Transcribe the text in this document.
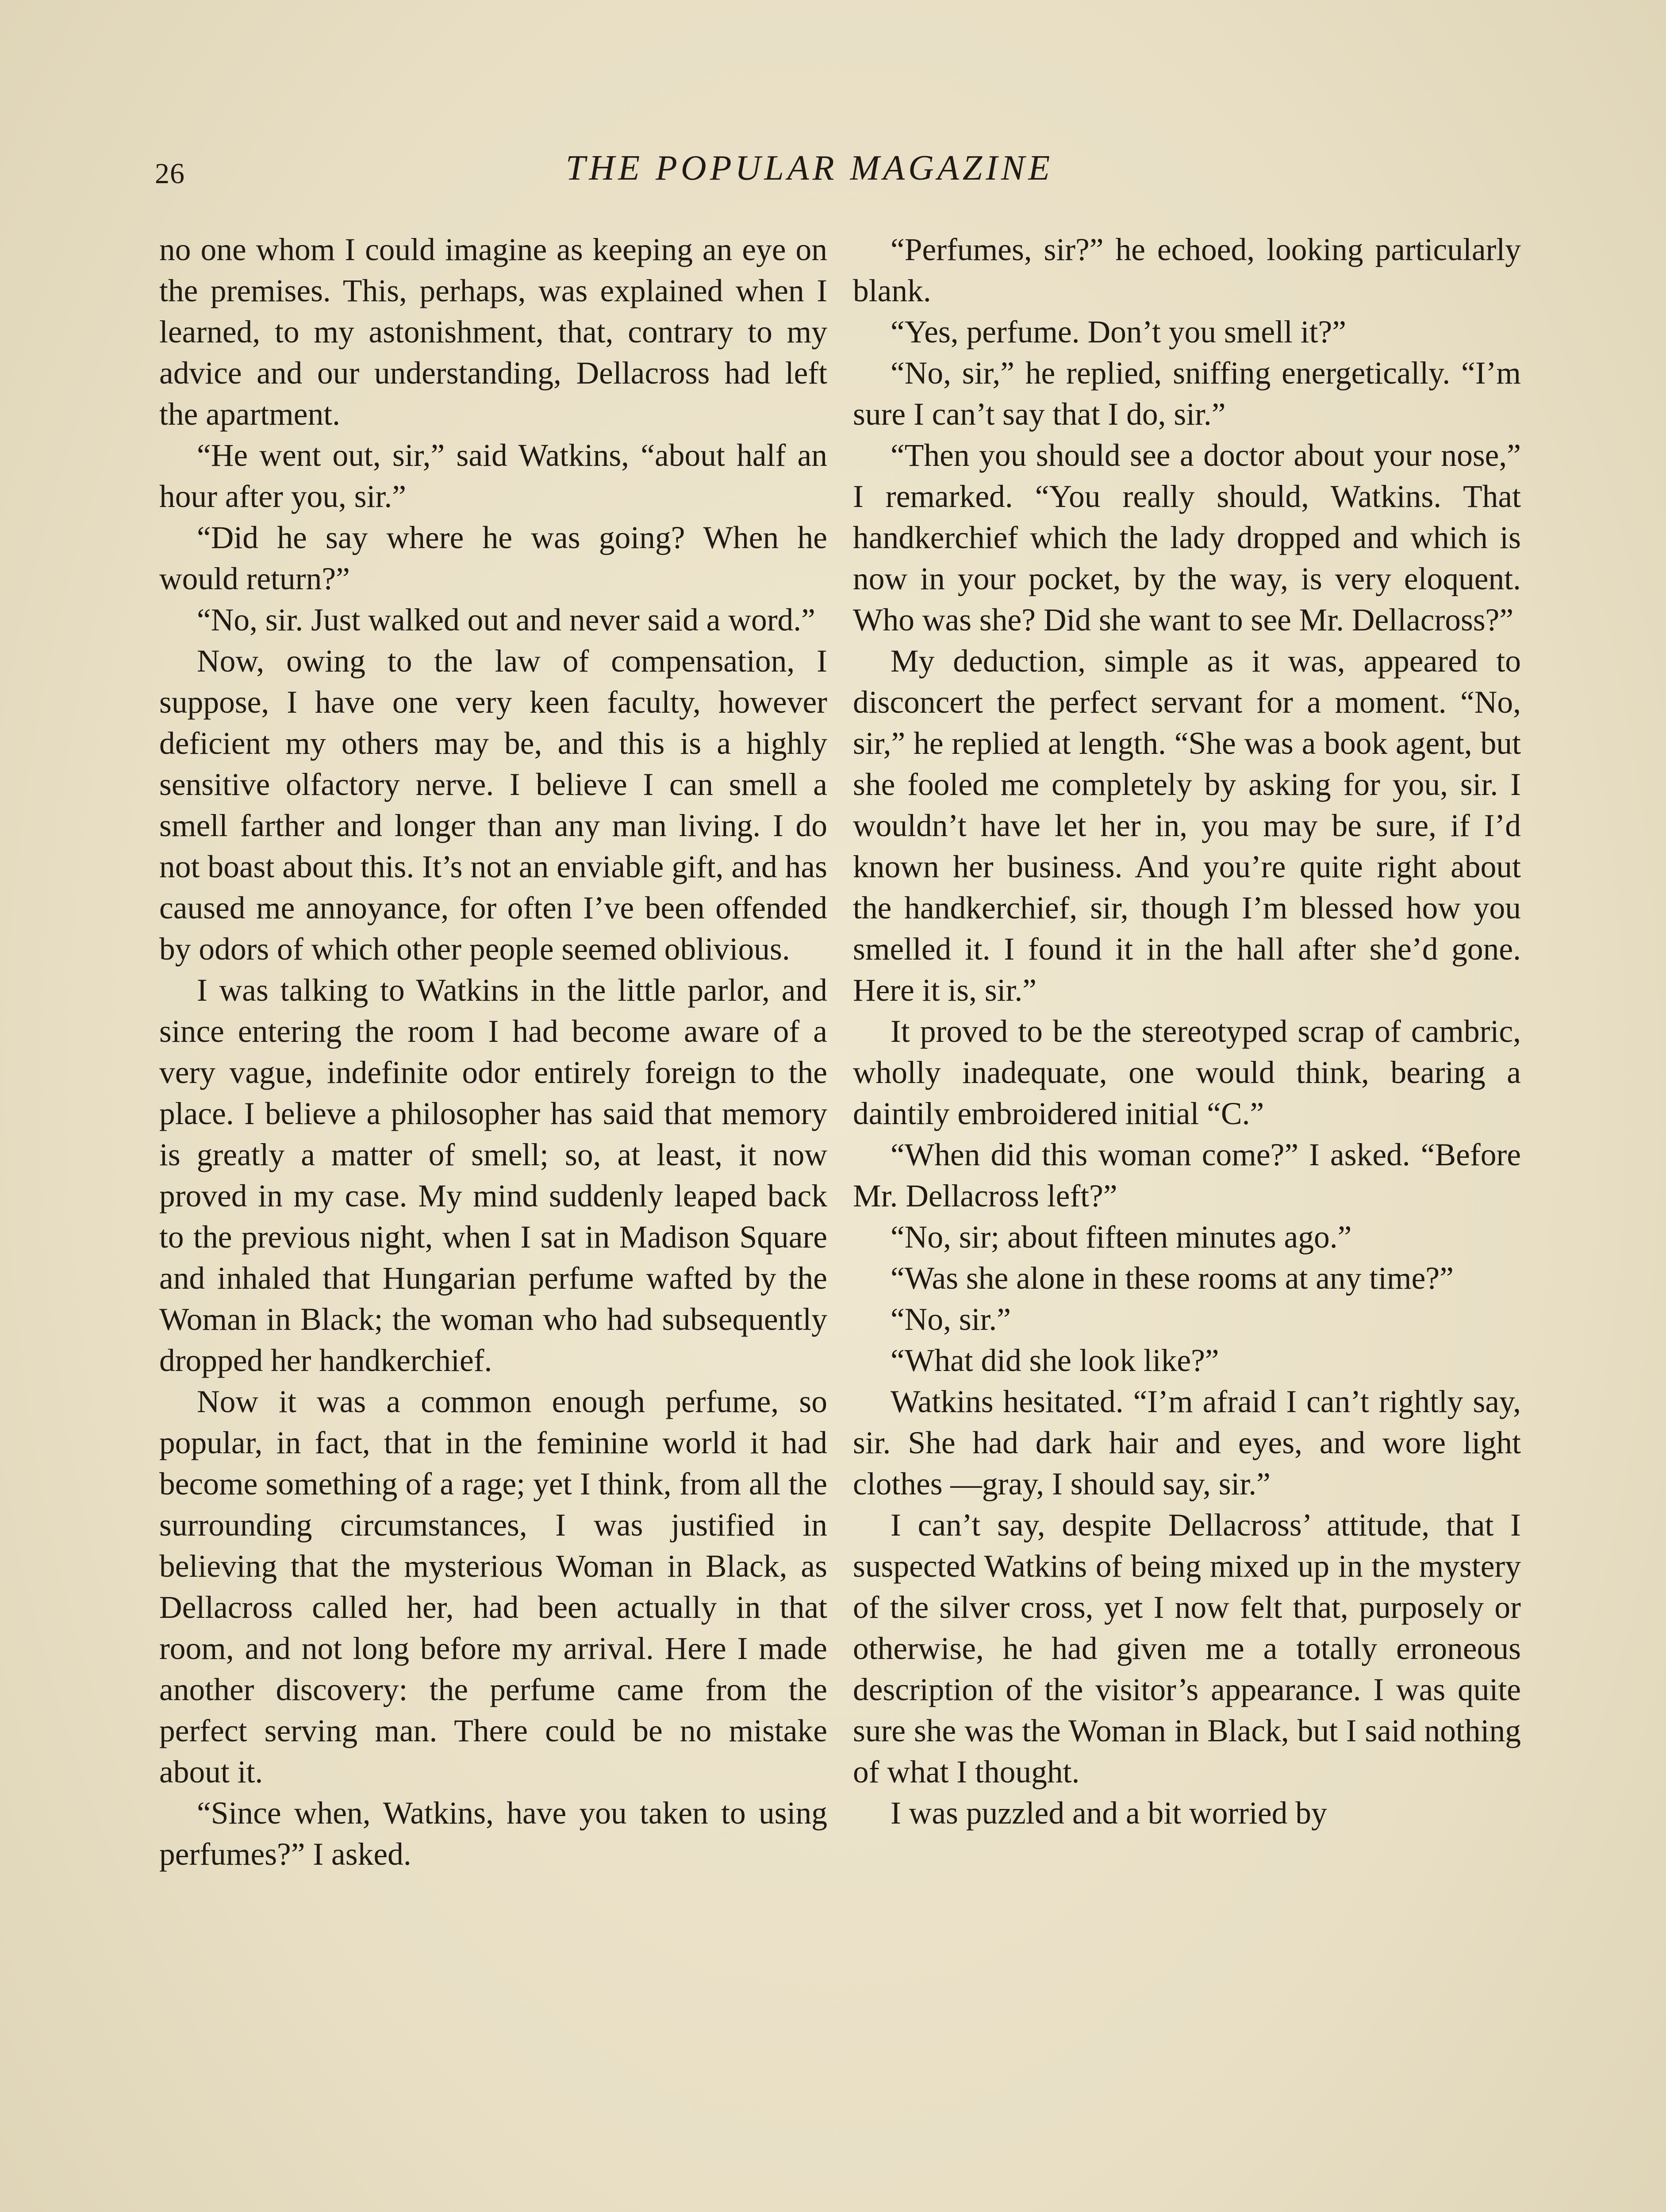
26	THE POPULAR MAGAZINE

no one whom I could imagine as keeping an eye on the premises. This, perhaps, was explained when I learned, to my astonishment, that, contrary to my advice and our understanding, Dellacross had left the apartment.

“He went out, sir,” said Watkins, “about half an hour after you, sir.”

“Did he say where he was going? When he would return?”

“No, sir. Just walked out and never said a word.”

Now, owing to the law of compensation, I suppose, I have one very keen faculty, however deficient my others may be, and this is a highly sensitive olfactory nerve. I believe I can smell a smell farther and longer than any man living. I do not boast about this. It’s not an enviable gift, and has caused me annoyance, for often I’ve been offended by odors of which other people seemed oblivious.

I was talking to Watkins in the little parlor, and since entering the room I had become aware of a very vague, indefinite odor entirely foreign to the place. I believe a philosopher has said that memory is greatly a matter of smell; so, at least, it now proved in my case. My mind suddenly leaped back to the previous night, when I sat in Madison Square and inhaled that Hungarian perfume wafted by the Woman in Black; the woman who had subsequently dropped her handkerchief.

Now it was a common enough perfume, so popular, in fact, that in the feminine world it had become something of a rage; yet I think, from all the surrounding circumstances, I was justified in believing that the mysterious Woman in Black, as Dellacross called her, had been actually in that room, and not long before my arrival. Here I made another discovery: the perfume came from the perfect serving man. There could be no mistake about it.

“Since when, Watkins, have you taken to using perfumes?” I asked.

“Perfumes, sir?” he echoed, looking particularly blank.

“Yes, perfume. Don’t you smell it?”

“No, sir,” he replied, sniffing energetically. “I’m sure I can’t say that I do, sir.”

“Then you should see a doctor about your nose,” I remarked. “You really should, Watkins. That handkerchief which the lady dropped and which is now in your pocket, by the way, is very eloquent. Who was she? Did she want to see Mr. Dellacross?”

My deduction, simple as it was, appeared to disconcert the perfect servant for a moment. “No, sir,” he replied at length. “She was a book agent, but she fooled me completely by asking for you, sir. I wouldn’t have let her in, you may be sure, if I’d known her business. And you’re quite right about the handkerchief, sir, though I’m blessed how you smelled it. I found it in the hall after she’d gone. Here it is, sir.”

It proved to be the stereotyped scrap of cambric, wholly inadequate, one would think, bearing a daintily embroidered initial “C.”

“When did this woman come?” I asked. “Before Mr. Dellacross left?”

“No, sir; about fifteen minutes ago.”

“Was she alone in these rooms at any time?”

“No, sir.”

“What did she look like?”

Watkins hesitated. “I’m afraid I can’t rightly say, sir. She had dark hair and eyes, and wore light clothes —gray, I should say, sir.”

I can’t say, despite Dellacross’ attitude, that I suspected Watkins of being mixed up in the mystery of the silver cross, yet I now felt that, purposely or otherwise, he had given me a totally erroneous description of the visitor’s appearance. I was quite sure she was the Woman in Black, but I said nothing of what I thought.

I was puzzled and a bit worried by
